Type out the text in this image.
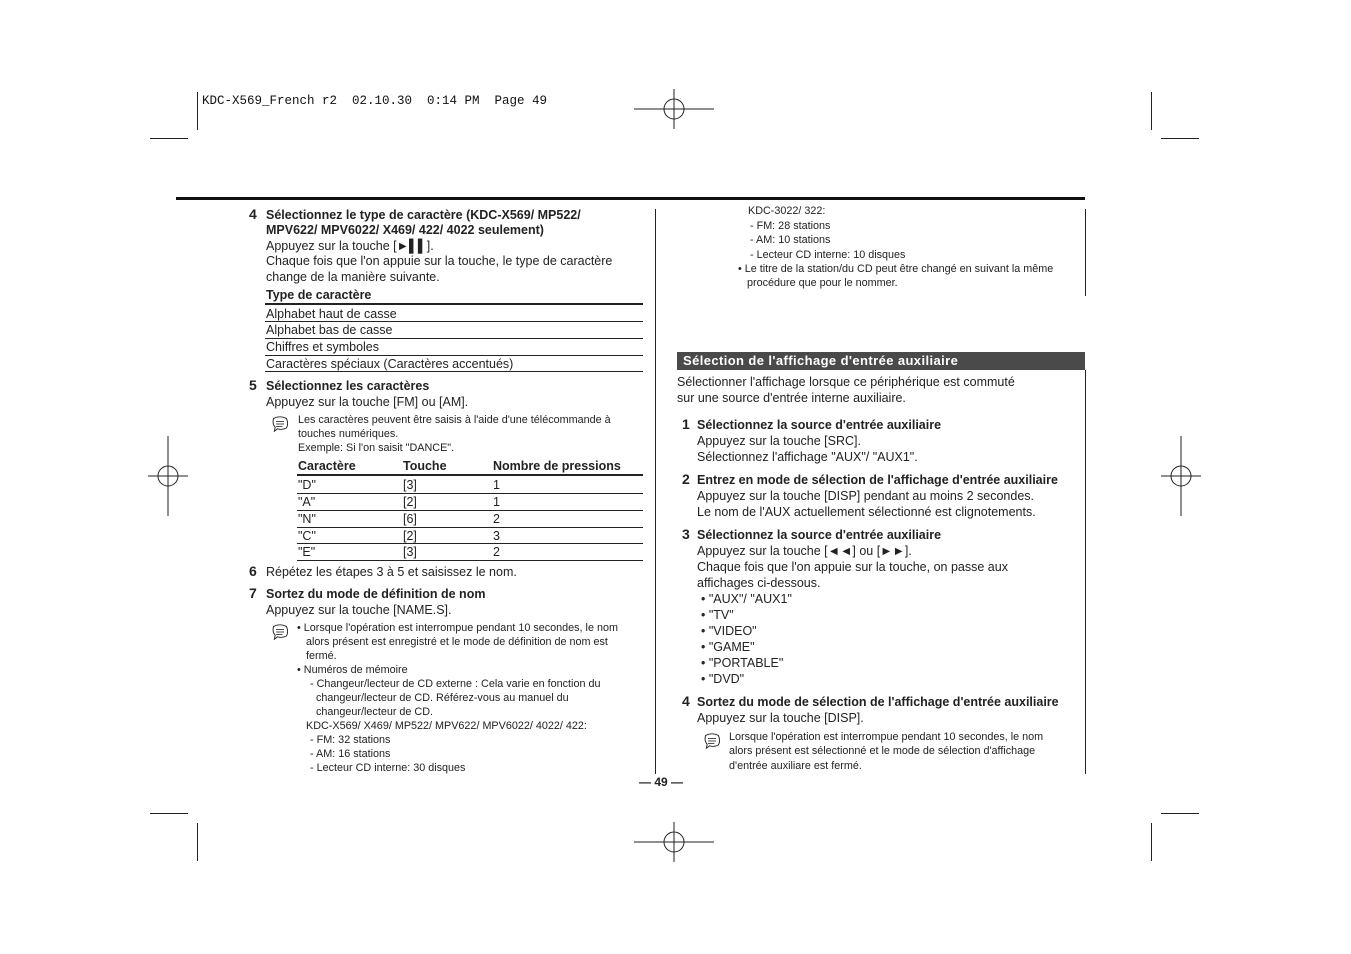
KDC-X569_French r2  02.10.30  0:14 PM  Page 49
4 Sélectionnez le type de caractère (KDC-X569/ MP522/
MPV622/ MPV6022/ X469/ 422/ 4022 seulement)
Appuyez sur la touche [►▌▌].
Chaque fois que l'on appuie sur la touche, le type de caractère
change de la manière suivante.
Type de caractère
Alphabet haut de casse
Alphabet bas de casse
Chiffres et symboles
Caractères spéciaux (Caractères accentués)
5 Sélectionnez les caractères
Appuyez sur la touche [FM] ou [AM].
Les caractères peuvent être saisis à l'aide d'une télécommande à
touches numériques.
Exemple: Si l'on saisit "DANCE".
Caractère	Touche	Nombre de pressions
"D"	[3]	1
"A"	[2]	1
"N"	[6]	2
"C"	[2]	3
"E"	[3]	2
6 Répétez les étapes 3 à 5 et saisissez le nom.
7 Sortez du mode de définition de nom
Appuyez sur la touche [NAME.S].
• Lorsque l'opération est interrompue pendant 10 secondes, le nom
alors présent est enregistré et le mode de définition de nom est
fermé.
• Numéros de mémoire
- Changeur/lecteur de CD externe : Cela varie en fonction du
changeur/lecteur de CD. Référez-vous au manuel du
changeur/lecteur de CD.
KDC-X569/ X469/ MP522/ MPV622/ MPV6022/ 4022/ 422:
- FM: 32 stations
- AM: 16 stations
- Lecteur CD interne: 30 disques
KDC-3022/ 322:
- FM: 28 stations
- AM: 10 stations
- Lecteur CD interne: 10 disques
• Le titre de la station/du CD peut être changé en suivant la même
procédure que pour le nommer.
Sélection de l'affichage d'entrée auxiliaire
Sélectionner l'affichage lorsque ce périphérique est commuté
sur une source d'entrée interne auxiliaire.
1 Sélectionnez la source d'entrée auxiliaire
Appuyez sur la touche [SRC].
Sélectionnez l'affichage "AUX"/ "AUX1".
2 Entrez en mode de sélection de l'affichage d'entrée auxiliaire
Appuyez sur la touche [DISP] pendant au moins 2 secondes.
Le nom de l'AUX actuellement sélectionné est clignotements.
3 Sélectionnez la source d'entrée auxiliaire
Appuyez sur la touche [◄◄] ou [►►].
Chaque fois que l'on appuie sur la touche, on passe aux
affichages ci-dessous.
• "AUX"/ "AUX1"
• "TV"
• "VIDEO"
• "GAME"
• "PORTABLE"
• "DVD"
4 Sortez du mode de sélection de l'affichage d'entrée auxiliaire
Appuyez sur la touche [DISP].
Lorsque l'opération est interrompue pendant 10 secondes, le nom
alors présent est sélectionné et le mode de sélection d'affichage
d'entrée auxiliare est fermé.
— 49 —
